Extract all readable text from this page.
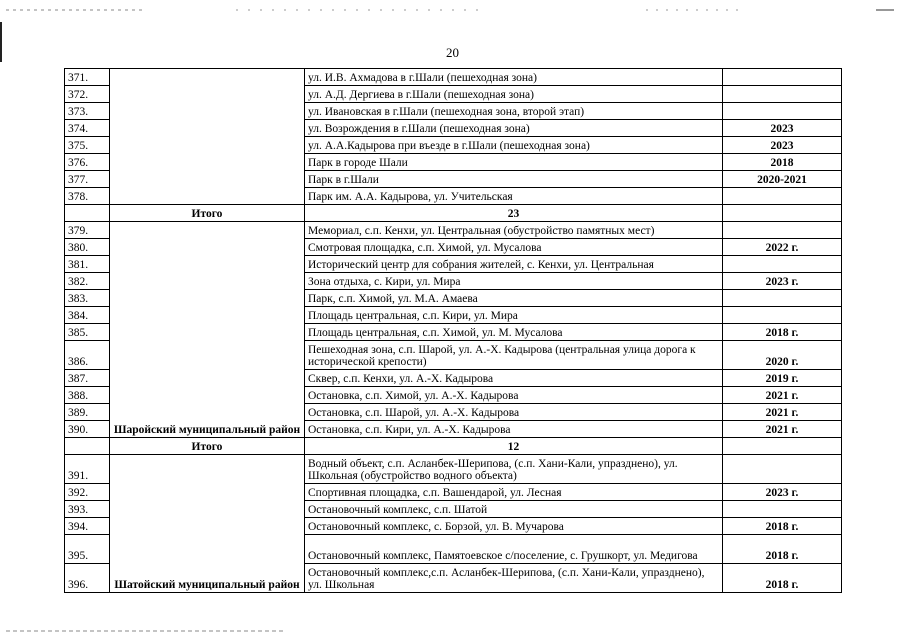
20
371.		ул. И.В. Ахмадова в г.Шали (пешеходная зона)	
372.		ул. А.Д. Дергиева в г.Шали (пешеходная зона)	
373.		ул. Ивановская в г.Шали (пешеходная зона, второй этап)	
374.		ул. Возрождения в г.Шали (пешеходная зона)	2023
375.		ул. А.А.Кадырова при въезде в г.Шали (пешеходная зона)	2023
376.		Парк в городе Шали	2018
377.		Парк в г.Шали	2020-2021
378.		Парк им. А.А. Кадырова, ул. Учительская	
	Итого	23	
379.	Шаройский муниципальный район	Мемориал, с.п. Кенхи, ул. Центральная (обустройство памятных мест)	
380.		Смотровая площадка, с.п. Химой, ул. Мусалова	2022 г.
381.		Исторический центр для собрания жителей, с. Кенхи, ул. Центральная	
382.		Зона отдыха, с. Кири, ул. Мира	2023 г.
383.		Парк, с.п. Химой, ул. М.А. Амаева	
384.		Площадь центральная, с.п. Кири, ул. Мира	
385.		Площадь центральная, с.п. Химой, ул. М. Мусалова	2018 г.
386.		Пешеходная зона, с.п. Шарой, ул. А.-Х. Кадырова (центральная улица дорога к исторической крепости)	2020 г.
387.		Сквер, с.п. Кенхи, ул. А.-Х. Кадырова	2019 г.
388.		Остановка, с.п. Химой, ул. А.-Х. Кадырова	2021 г.
389.		Остановка, с.п. Шарой, ул. А.-Х. Кадырова	2021 г.
390.		Остановка, с.п. Кири, ул. А.-Х. Кадырова	2021 г.
	Итого	12	
391.	Шатойский муниципальный район	Водный объект, с.п. Асланбек-Шерипова, (с.п. Хани-Кали, упразднено), ул. Школьная (обустройство водного объекта)	
392.		Спортивная площадка, с.п. Вашендарой, ул. Лесная	2023 г.
393.		Остановочный комплекс, с.п. Шатой	
394.		Остановочный комплекс, с. Борзой, ул. В. Мучарова	2018 г.
395.		Остановочный комплекс, Памятоевское с/поселение, с. Грушкорт, ул. Медигова	2018 г.
396.		Остановочный комплекс,с.п. Асланбек-Шерипова, (с.п. Хани-Кали, упразднено), ул. Школьная	2018 г.
